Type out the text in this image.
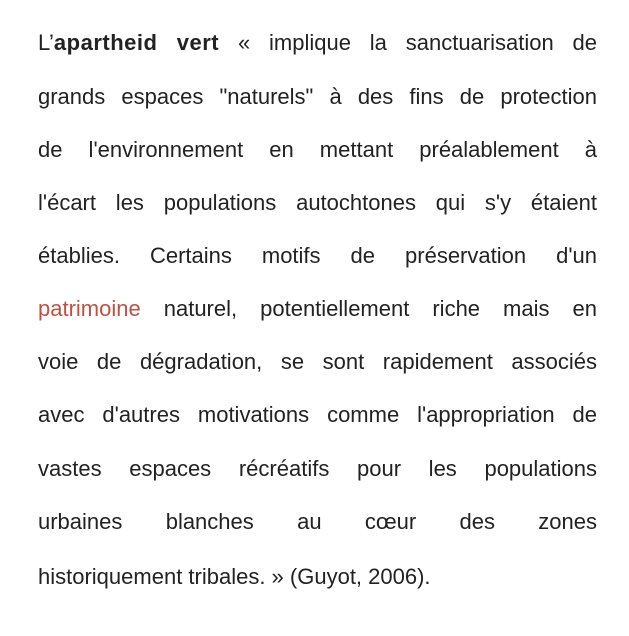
L’apartheid vert « implique la sanctuarisation de
grands espaces "naturels" à des fins de protection
de l'environnement en mettant préalablement à
l'écart les populations autochtones qui s'y étaient
établies. Certains motifs de préservation d'un
patrimoine naturel, potentiellement riche mais en
voie de dégradation, se sont rapidement associés
avec d'autres motivations comme l'appropriation de
vastes espaces récréatifs pour les populations
urbaines blanches au cœur des zones
historiquement tribales. » (Guyot, 2006).
